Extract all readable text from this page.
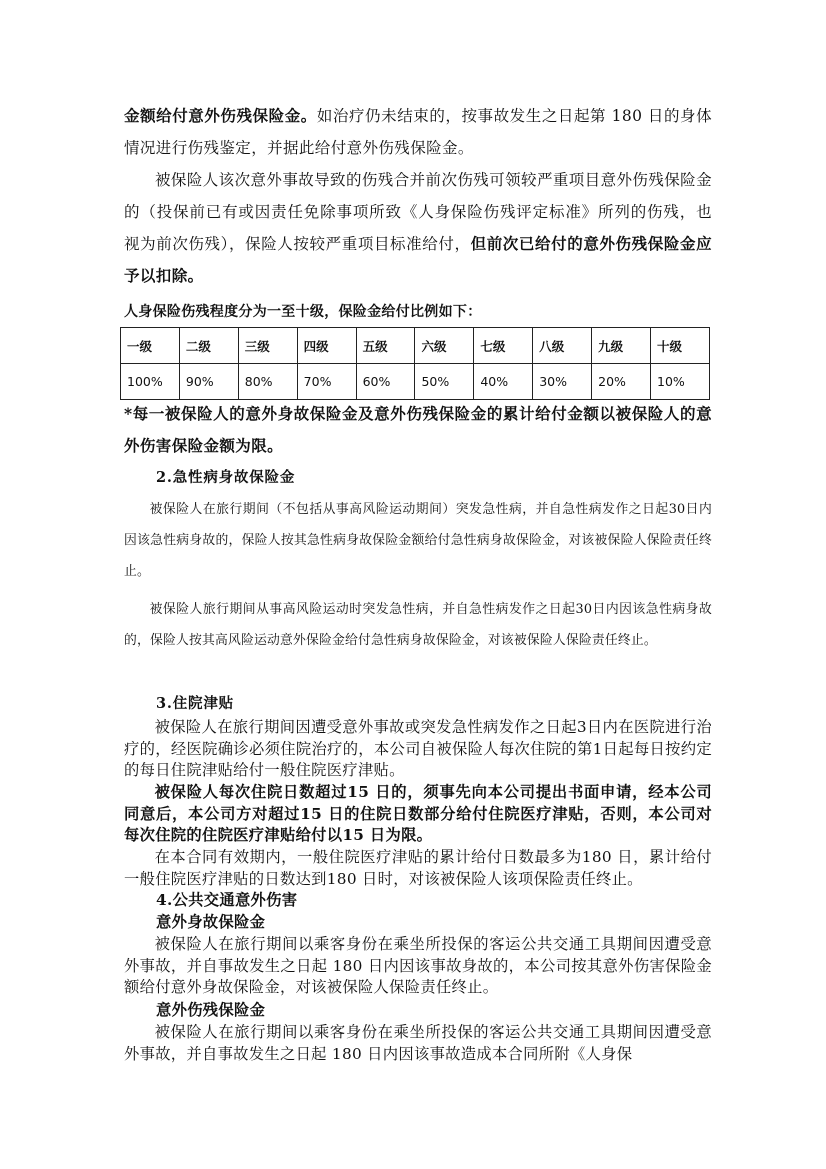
金额给付意外伤残保险金。如治疗仍未结束的，按事故发生之日起第 180 日的身体情况进行伤残鉴定，并据此给付意外伤残保险金。

被保险人该次意外事故导致的伤残合并前次伤残可领较严重项目意外伤残保险金的（投保前已有或因责任免除事项所致《人身保险伤残评定标准》所列的伤残，也视为前次伤残），保险人按较严重项目标准给付，但前次已给付的意外伤残保险金应予以扣除。

人身保险伤残程度分为一至十级，保险金给付比例如下：

一级	二级	三级	四级	五级	六级	七级	八级	九级	十级
100%	90%	80%	70%	60%	50%	40%	30%	20%	10%

*每一被保险人的意外身故保险金及意外伤残保险金的累计给付金额以被保险人的意外伤害保险金额为限。

2.急性病身故保险金

被保险人在旅行期间（不包括从事高风险运动期间）突发急性病，并自急性病发作之日起30日内因该急性病身故的，保险人按其急性病身故保险金额给付急性病身故保险金，对该被保险人保险责任终止。

被保险人旅行期间从事高风险运动时突发急性病，并自急性病发作之日起30日内因该急性病身故的，保险人按其高风险运动意外保险金给付急性病身故保险金，对该被保险人保险责任终止。

3.住院津贴

被保险人在旅行期间因遭受意外事故或突发急性病发作之日起3日内在医院进行治疗的，经医院确诊必须住院治疗的，本公司自被保险人每次住院的第1日起每日按约定的每日住院津贴给付一般住院医疗津贴。

被保险人每次住院日数超过15 日的，须事先向本公司提出书面申请，经本公司同意后，本公司方对超过15 日的住院日数部分给付住院医疗津贴，否则，本公司对每次住院的住院医疗津贴给付以15 日为限。

在本合同有效期内，一般住院医疗津贴的累计给付日数最多为180 日，累计给付一般住院医疗津贴的日数达到180 日时，对该被保险人该项保险责任终止。

4.公共交通意外伤害

意外身故保险金

被保险人在旅行期间以乘客身份在乘坐所投保的客运公共交通工具期间因遭受意外事故，并自事故发生之日起 180 日内因该事故身故的，本公司按其意外伤害保险金额给付意外身故保险金，对该被保险人保险责任终止。

意外伤残保险金

被保险人在旅行期间以乘客身份在乘坐所投保的客运公共交通工具期间因遭受意外事故，并自事故发生之日起 180 日内因该事故造成本合同所附《人身保
